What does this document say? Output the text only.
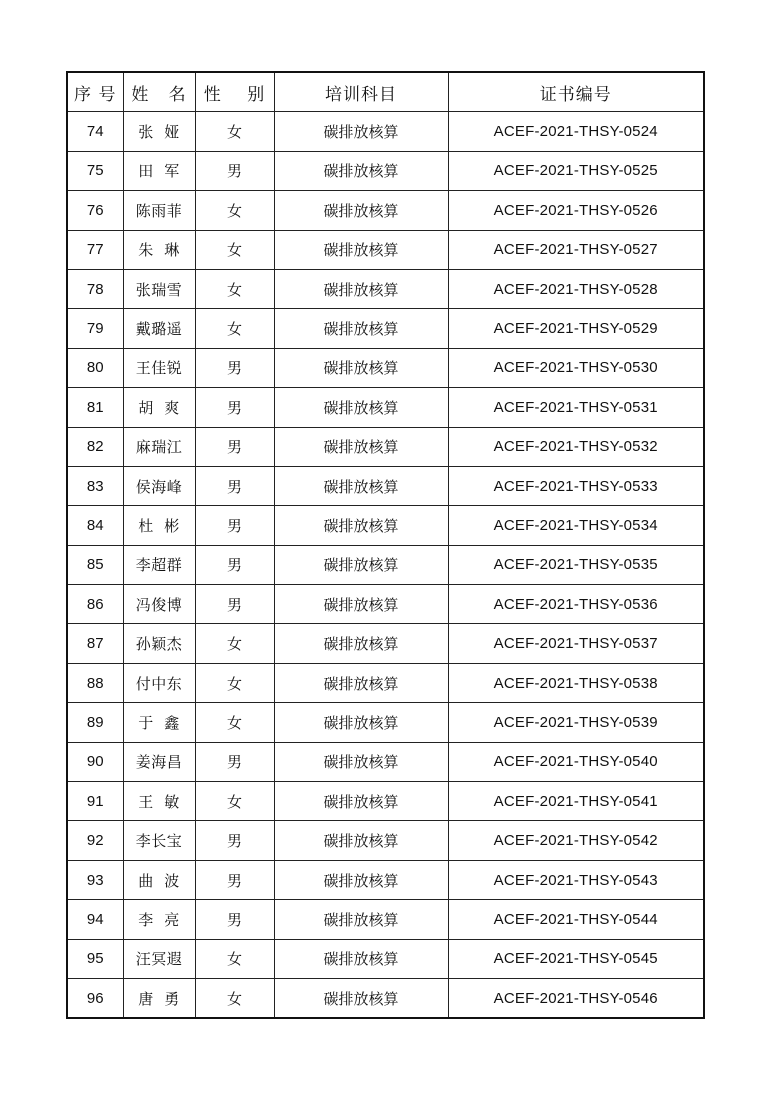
序 号	姓   名	性    别	培训科目	证书编号
74	张  娅	女	碳排放核算	ACEF-2021-THSY-0524
75	田  军	男	碳排放核算	ACEF-2021-THSY-0525
76	陈雨菲	女	碳排放核算	ACEF-2021-THSY-0526
77	朱  琳	女	碳排放核算	ACEF-2021-THSY-0527
78	张瑞雪	女	碳排放核算	ACEF-2021-THSY-0528
79	戴璐遥	女	碳排放核算	ACEF-2021-THSY-0529
80	王佳锐	男	碳排放核算	ACEF-2021-THSY-0530
81	胡  爽	男	碳排放核算	ACEF-2021-THSY-0531
82	麻瑞江	男	碳排放核算	ACEF-2021-THSY-0532
83	侯海峰	男	碳排放核算	ACEF-2021-THSY-0533
84	杜  彬	男	碳排放核算	ACEF-2021-THSY-0534
85	李超群	男	碳排放核算	ACEF-2021-THSY-0535
86	冯俊博	男	碳排放核算	ACEF-2021-THSY-0536
87	孙颖杰	女	碳排放核算	ACEF-2021-THSY-0537
88	付中东	女	碳排放核算	ACEF-2021-THSY-0538
89	于  鑫	女	碳排放核算	ACEF-2021-THSY-0539
90	姜海昌	男	碳排放核算	ACEF-2021-THSY-0540
91	王  敏	女	碳排放核算	ACEF-2021-THSY-0541
92	李长宝	男	碳排放核算	ACEF-2021-THSY-0542
93	曲  波	男	碳排放核算	ACEF-2021-THSY-0543
94	李  亮	男	碳排放核算	ACEF-2021-THSY-0544
95	汪冥遐	女	碳排放核算	ACEF-2021-THSY-0545
96	唐  勇	女	碳排放核算	ACEF-2021-THSY-0546
